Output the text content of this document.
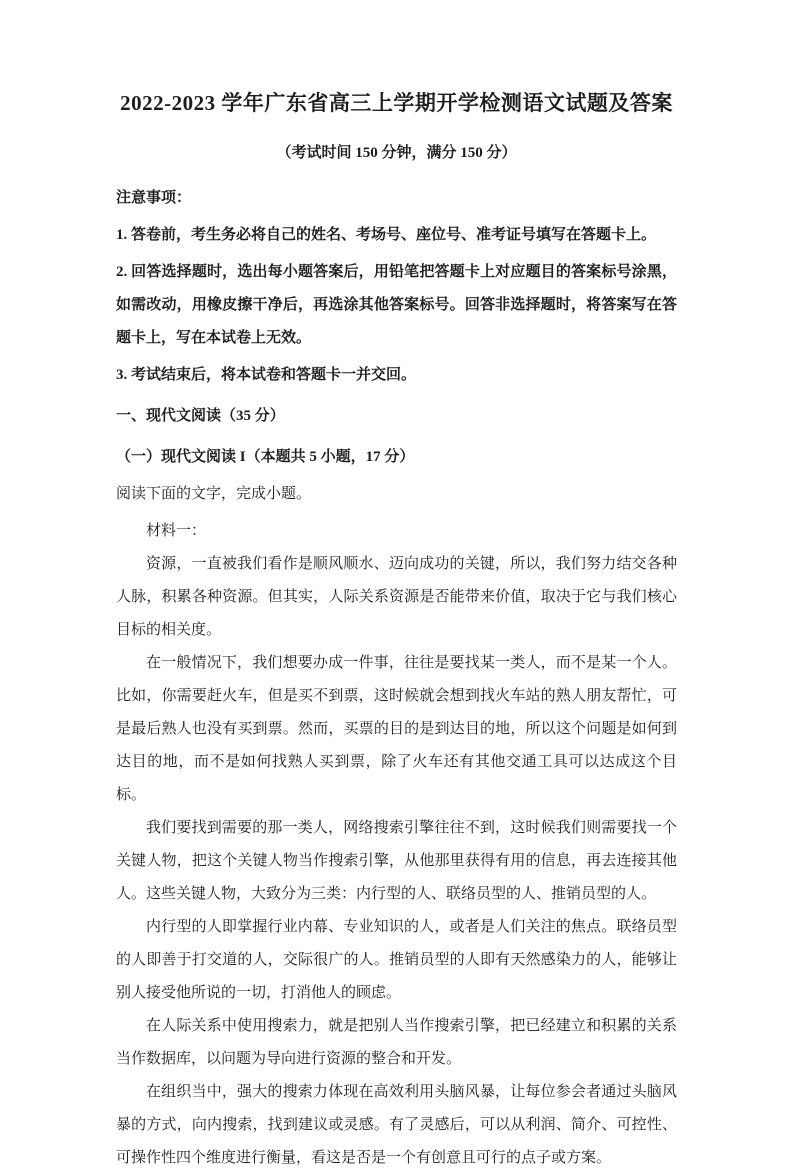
2022-2023 学年广东省高三上学期开学检测语文试题及答案

（考试时间 150 分钟，满分 150 分）

注意事项：

1. 答卷前，考生务必将自己的姓名、考场号、座位号、准考证号填写在答题卡上。

2. 回答选择题时，选出每小题答案后，用铅笔把答题卡上对应题目的答案标号涂黑，如需改动，用橡皮擦干净后，再选涂其他答案标号。回答非选择题时，将答案写在答题卡上，写在本试卷上无效。

3. 考试结束后，将本试卷和答题卡一并交回。

一、现代文阅读（35 分）

（一）现代文阅读 I（本题共 5 小题，17 分）

阅读下面的文字，完成小题。

材料一：

资源，一直被我们看作是顺风顺水、迈向成功的关键，所以，我们努力结交各种人脉，积累各种资源。但其实，人际关系资源是否能带来价值，取决于它与我们核心目标的相关度。

在一般情况下，我们想要办成一件事，往往是要找某一类人，而不是某一个人。比如，你需要赶火车，但是买不到票，这时候就会想到找火车站的熟人朋友帮忙，可是最后熟人也没有买到票。然而，买票的目的是到达目的地，所以这个问题是如何到达目的地，而不是如何找熟人买到票，除了火车还有其他交通工具可以达成这个目标。

我们要找到需要的那一类人，网络搜索引擎往往不到，这时候我们则需要找一个关键人物，把这个关键人物当作搜索引擎，从他那里获得有用的信息，再去连接其他人。这些关键人物，大致分为三类：内行型的人、联络员型的人、推销员型的人。

内行型的人即掌握行业内幕、专业知识的人，或者是人们关注的焦点。联络员型的人即善于打交道的人，交际很广的人。推销员型的人即有天然感染力的人，能够让别人接受他所说的一切，打消他人的顾虑。

在人际关系中使用搜索力，就是把别人当作搜索引擎，把已经建立和积累的关系当作数据库，以问题为导向进行资源的整合和开发。

在组织当中，强大的搜索力体现在高效利用头脑风暴，让每位参会者通过头脑风暴的方式，向内搜索，找到建议或灵感。有了灵感后，可以从利润、简介、可控性、可操作性四个维度进行衡量，看这是否是一个有创意且可行的点子或方案。
